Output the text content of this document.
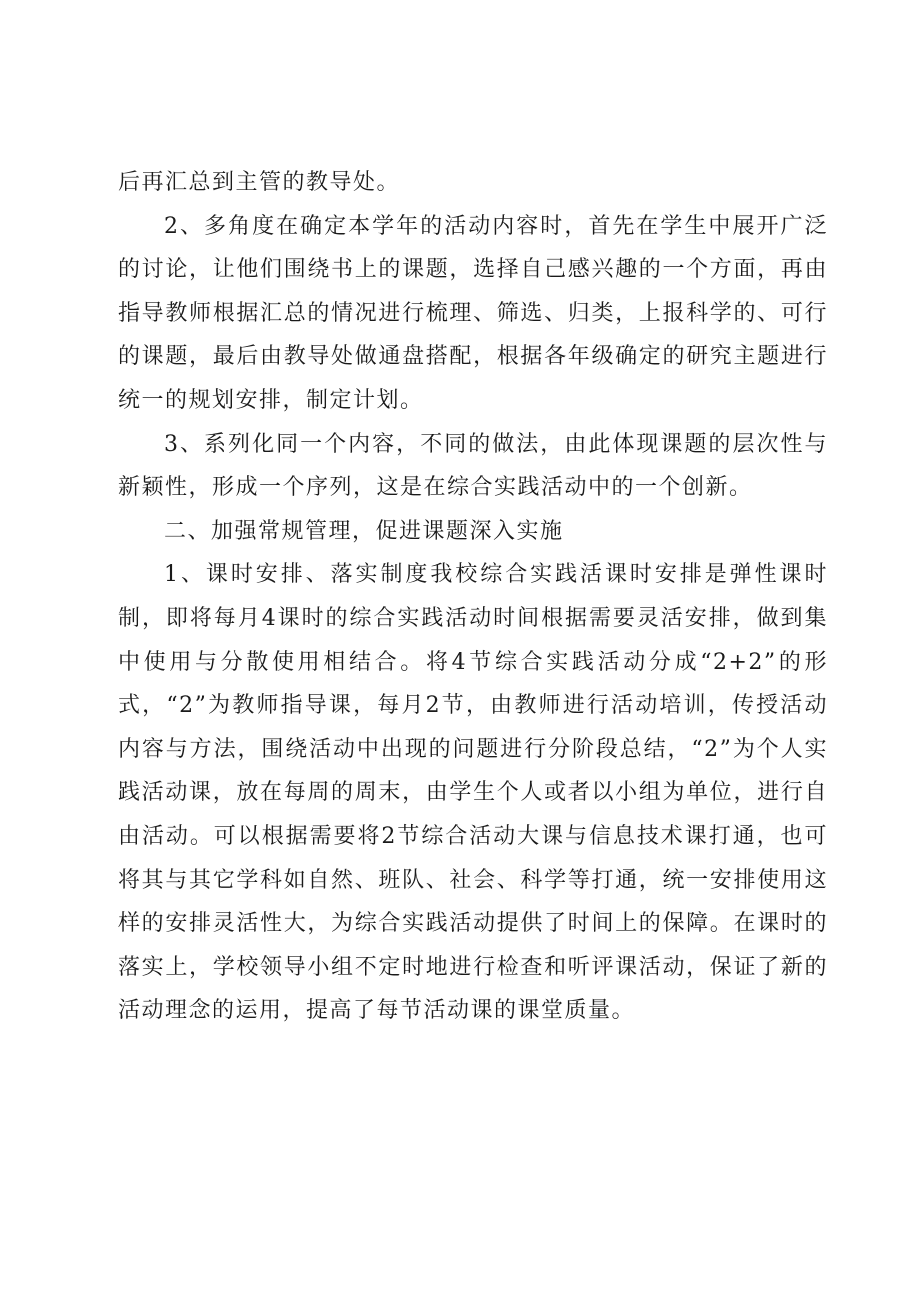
后再汇总到主管的教导处。

2、多角度在确定本学年的活动内容时，首先在学生中展开广泛的讨论，让他们围绕书上的课题，选择自己感兴趣的一个方面，再由指导教师根据汇总的情况进行梳理、筛选、归类，上报科学的、可行的课题，最后由教导处做通盘搭配，根据各年级确定的研究主题进行统一的规划安排，制定计划。

3、系列化同一个内容，不同的做法，由此体现课题的层次性与新颖性，形成一个序列，这是在综合实践活动中的一个创新。

二、加强常规管理，促进课题深入实施

1、课时安排、落实制度我校综合实践活课时安排是弹性课时制，即将每月4课时的综合实践活动时间根据需要灵活安排，做到集中使用与分散使用相结合。将4节综合实践活动分成“2+2”的形式，“2”为教师指导课，每月2节，由教师进行活动培训，传授活动内容与方法，围绕活动中出现的问题进行分阶段总结，“2”为个人实践活动课，放在每周的周末，由学生个人或者以小组为单位，进行自由活动。可以根据需要将2节综合活动大课与信息技术课打通，也可将其与其它学科如自然、班队、社会、科学等打通，统一安排使用这样的安排灵活性大，为综合实践活动提供了时间上的保障。在课时的落实上，学校领导小组不定时地进行检查和听评课活动，保证了新的活动理念的运用，提高了每节活动课的课堂质量。
